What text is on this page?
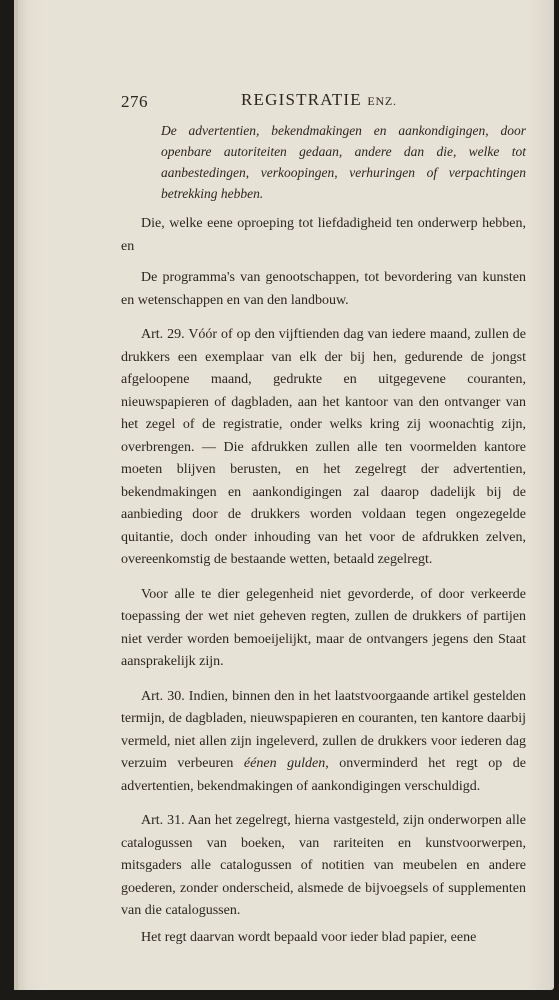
276	REGISTRATIE ENZ.

De advertentien, bekendmakingen en aankondigingen, door openbare autoriteiten gedaan, andere dan die, welke tot aanbestedingen, verkoopingen, verhuringen of verpachtingen betrekking hebben.

Die, welke eene oproeping tot liefdadigheid ten onderwerp hebben, en

De programma's van genootschappen, tot bevordering van kunsten en wetenschappen en van den landbouw.

Art. 29. Vóór of op den vijftienden dag van iedere maand, zullen de drukkers een exemplaar van elk der bij hen, gedurende de jongst afgeloopene maand, gedrukte en uitgegevene couranten, nieuwspapieren of dagbladen, aan het kantoor van den ontvanger van het zegel of de registratie, onder welks kring zij woonachtig zijn, overbrengen. — Die afdrukken zullen alle ten voormelden kantore moeten blijven berusten, en het zegelregt der advertentien, bekendmakingen en aankondigingen zal daarop dadelijk bij de aanbieding door de drukkers worden voldaan tegen ongezegelde quitantie, doch onder inhouding van het voor de afdrukken zelven, overeenkomstig de bestaande wetten, betaald zegelregt.

Voor alle te dier gelegenheid niet gevorderde, of door verkeerde toepassing der wet niet geheven regten, zullen de drukkers of partijen niet verder worden bemoeijelijkt, maar de ontvangers jegens den Staat aansprakelijk zijn.

Art. 30. Indien, binnen den in het laatstvoorgaande artikel gestelden termijn, de dagbladen, nieuwspapieren en couranten, ten kantore daarbij vermeld, niet allen zijn ingeleverd, zullen de drukkers voor iederen dag verzuim verbeuren éénen gulden, onverminderd het regt op de advertentien, bekendmakingen of aankondigingen verschuldigd.

Art. 31. Aan het zegelregt, hierna vastgesteld, zijn onderworpen alle catalogussen van boeken, van rariteiten en kunstvoorwerpen, mitsgaders alle catalogussen of notitien van meubelen en andere goederen, zonder onderscheid, alsmede de bijvoegsels of supplementen van die catalogussen.

Het regt daarvan wordt bepaald voor ieder blad papier, eene
